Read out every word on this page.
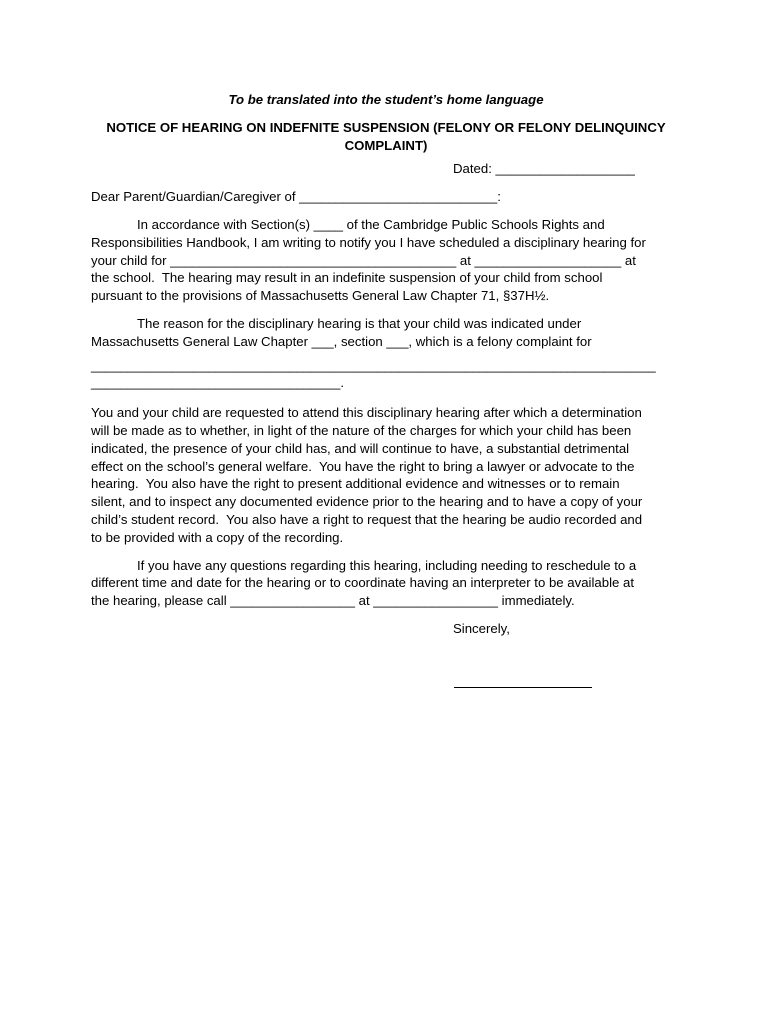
To be translated into the student’s home language
NOTICE OF HEARING ON INDEFNITE SUSPENSION (FELONY OR FELONY DELINQUINCY
COMPLAINT)
Dated: ___________________
Dear Parent/Guardian/Caregiver of ___________________________:
In accordance with Section(s) ____ of the Cambridge Public Schools Rights and
Responsibilities Handbook, I am writing to notify you I have scheduled a disciplinary hearing for
your child for _______________________________________ at ____________________ at
the school.  The hearing may result in an indefinite suspension of your child from school
pursuant to the provisions of Massachusetts General Law Chapter 71, §37H½.
The reason for the disciplinary hearing is that your child was indicated under
Massachusetts General Law Chapter ___, section ___, which is a felony complaint for
_____________________________________________________________________________
__________________________________.
You and your child are requested to attend this disciplinary hearing after which a determination
will be made as to whether, in light of the nature of the charges for which your child has been
indicated, the presence of your child has, and will continue to have, a substantial detrimental
effect on the school’s general welfare.  You have the right to bring a lawyer or advocate to the
hearing.  You also have the right to present additional evidence and witnesses or to remain
silent, and to inspect any documented evidence prior to the hearing and to have a copy of your
child’s student record.  You also have a right to request that the hearing be audio recorded and
to be provided with a copy of the recording.
If you have any questions regarding this hearing, including needing to reschedule to a
different time and date for the hearing or to coordinate having an interpreter to be available at
the hearing, please call _________________ at _________________ immediately.
Sincerely,
